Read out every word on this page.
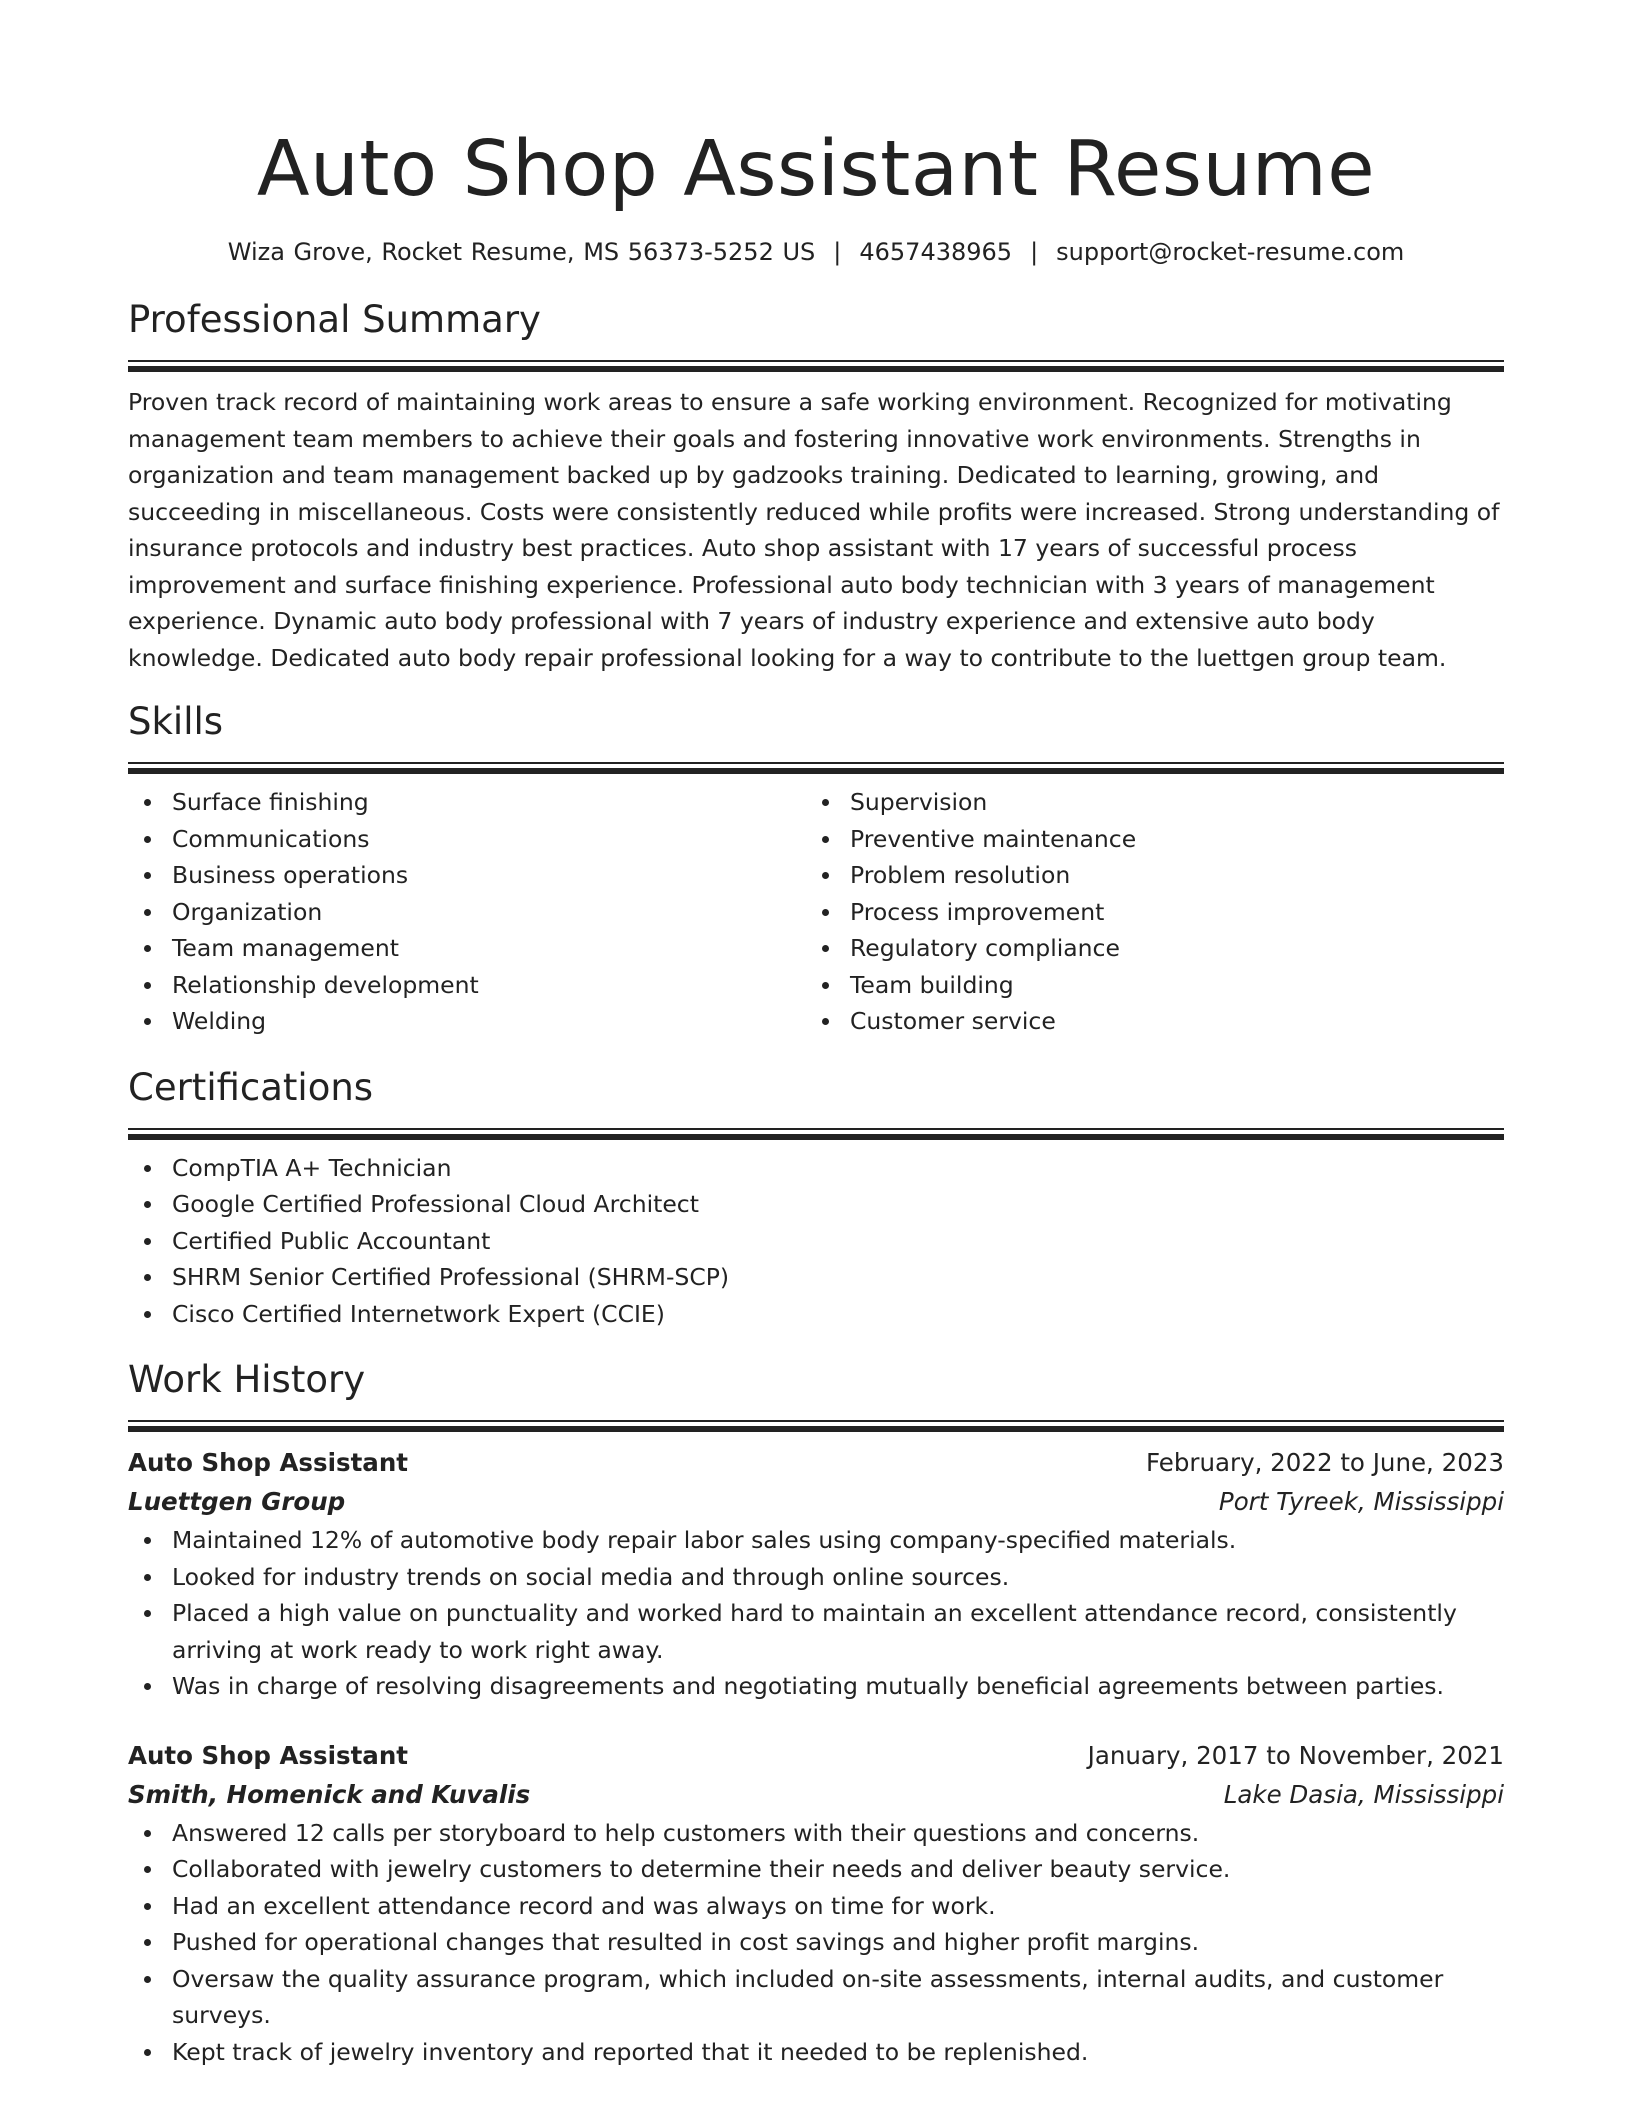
Auto Shop Assistant Resume
Wiza Grove, Rocket Resume, MS 56373-5252 US | 4657438965 | support@rocket-resume.com
Professional Summary

Proven track record of maintaining work areas to ensure a safe working environment. Recognized for motivating management team members to achieve their goals and fostering innovative work environments. Strengths in organization and team management backed up by gadzooks training. Dedicated to learning, growing, and succeeding in miscellaneous. Costs were consistently reduced while profits were increased. Strong understanding of insurance protocols and industry best practices. Auto shop assistant with 17 years of successful process improvement and surface finishing experience. Professional auto body technician with 3 years of management experience. Dynamic auto body professional with 7 years of industry experience and extensive auto body knowledge. Dedicated auto body repair professional looking for a way to contribute to the luettgen group team.

Skills
Surface finishing
Communications
Business operations
Organization
Team management
Relationship development
Welding
Supervision
Preventive maintenance
Problem resolution
Process improvement
Regulatory compliance
Team building
Customer service
Certifications
CompTIA A+ Technician
Google Certified Professional Cloud Architect
Certified Public Accountant
SHRM Senior Certified Professional (SHRM-SCP)
Cisco Certified Internetwork Expert (CCIE)
Work History
Auto Shop Assistant	February, 2022 to June, 2023
Luettgen Group	Port Tyreek, Mississippi
Maintained 12% of automotive body repair labor sales using company-specified materials.
Looked for industry trends on social media and through online sources.
Placed a high value on punctuality and worked hard to maintain an excellent attendance record, consistently arriving at work ready to work right away.
Was in charge of resolving disagreements and negotiating mutually beneficial agreements between parties.
Auto Shop Assistant	January, 2017 to November, 2021
Smith, Homenick and Kuvalis	Lake Dasia, Mississippi
Answered 12 calls per storyboard to help customers with their questions and concerns.
Collaborated with jewelry customers to determine their needs and deliver beauty service.
Had an excellent attendance record and was always on time for work.
Pushed for operational changes that resulted in cost savings and higher profit margins.
Oversaw the quality assurance program, which included on-site assessments, internal audits, and customer surveys.
Kept track of jewelry inventory and reported that it needed to be replenished.
